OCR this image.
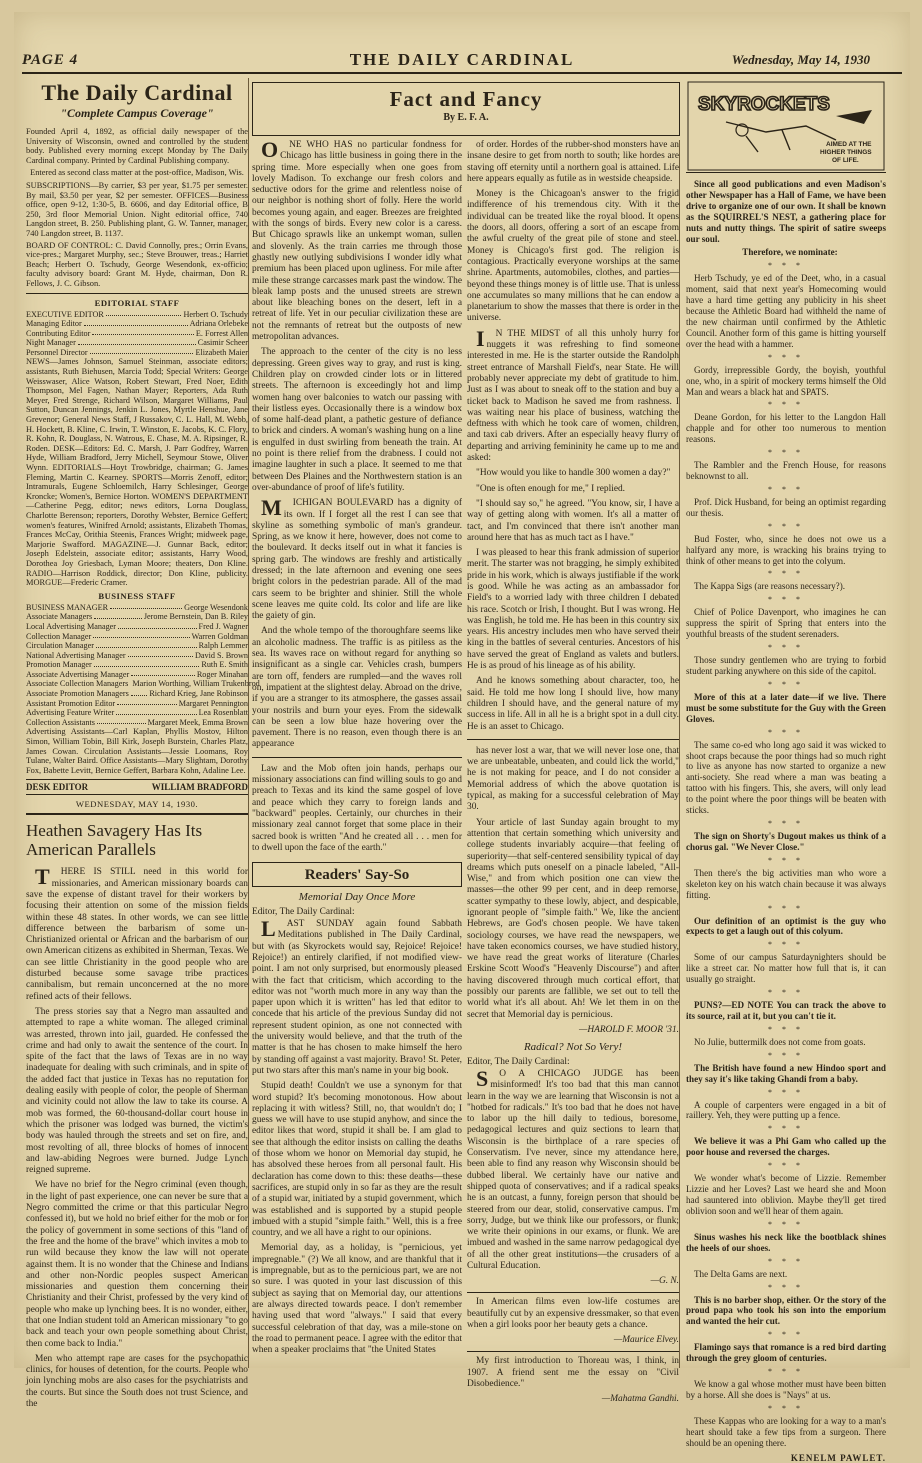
PAGE 4	THE DAILY CARDINAL	Wednesday, May 14, 1930
The Daily Cardinal
"Complete Campus Coverage"

Founded April 4, 1892, as official daily newspaper of the University of Wisconsin, owned and controlled by the student body. Published every morning except Monday by The Daily Cardinal company. Printed by Cardinal Publishing company.

Entered as second class matter at the post-office, Madison, Wis.

SUBSCRIPTIONS—By carrier, $3 per year, $1.75 per semester. By mail, $3.50 per year, $2 per semester. OFFICES—Business office, open 9-12, 1:30-5, B. 6606, and day Editorial office, B 250, 3rd floor Memorial Union. Night editorial office, 740 Langdon street, B. 250. Publishing plant, G. W. Tanner, manager, 740 Langdon street, B. 1137.

BOARD OF CONTROL: C. David Connolly, pres.; Orrin Evans, vice-pres.; Margaret Murphy, sec.; Steve Brouwer, treas.; Harriet Beach; Herbert O. Tschudy, George Wesendonk, ex-officio; faculty advisory board: Grant M. Hyde, chairman, Don R. Fellows, J. C. Gibson.

EDITORIAL STAFF
EXECUTIVE EDITOR	Herbert O. Tschudy
Managing Editor	Adriana Orlebeke
Contributing Editor	E. Forrest Allen
Night Manager	Casimir Scheer
Personnel Director	Elizabeth Maier

NEWS—James Johnson, Samuel Steinman, associate editors; assistants, Ruth Biehusen, Marcia Todd; Special Writers: George Weisswaser, Alice Watson, Robert Stewart, Fred Noer, Edith Thompson, Mel Fagen, Nathan Mayer; Reporters, Ada Ruth Meyer, Fred Strenge, Richard Wilson, Margaret Williams, Paul Sutton, Duncan Jennings, Jenkin L. Jones, Myrtle Henshue, Jane Grevenor; General News Staff, J Russakov, C. L. Hall, M. Webb, H. Hockett, B. Kline, C. Irwin, T. Winston, E. Jacobs, K. C. Flory, R. Kohn, R. Douglass, N. Watrous, E. Chase, M. A. Ripsinger, R. Roden. DESK—Editors: Ed. C. Marsh, J. Parr Godfrey, Warren Hyde, William Bradford, Jerry Michell, Seymour Stowe, Oliver Wynn. EDITORIALS—Hoyt Trowbridge, chairman; G. James Fleming, Martin C. Kearney. SPORTS—Morris Zenoff, editor; Intramurals, Eugene Schloemilch, Harry Schlesinger, George Kroncke; Women's, Bernice Horton. WOMEN'S DEPARTMENT—Catherine Pegg, editor; news editors, Lorna Douglass, Charlotte Berenson; reporters, Dorothy Webster, Bernice Geffert; women's features, Winifred Arnold; assistants, Elizabeth Thomas, Frances McCay, Orithia Steenis, Frances Wright; midweek page, Marjorie Swafford. MAGAZINE—J. Gunnar Back, editor; Joseph Edelstein, associate editor; assistants, Harry Wood, Dorothea Joy Griesbach, Lyman Moore; theaters, Don Kline. RADIO—Harrison Roddick, director; Don Kline, publicity. MORGUE—Frederic Cramer.

BUSINESS STAFF
BUSINESS MANAGER	George Wesendonk
Associate Managers	Jerome Bernstein, Dan B. Riley
Local Advertising Manager	Fred J. Wagner
Collection Manager	Warren Goldman
Circulation Manager	Ralph Lemmer
National Advertising Manager	David S. Brown
Promotion Manager	Ruth E. Smith
Associate Advertising Manager	Roger Minahan
Associate Collection Managers Marion Worthing, William Trukenbrod
Associate Promotion Managers	Richard Krieg, Jane Robinson
Assistant Promotion Editor	Margaret Pennington
Advertising Feature Writer	Lea Rosenblatt
Collection Assistants	Margaret Meek, Emma Brown

Advertising Assistants—Carl Kaplan, Phyllis Mostov, Hilton Simon, William Tobin, Bill Kirk, Joseph Burstein, Charles Platz, James Cowan. Circulation Assistants—Jessie Loomans, Roy Tulane, Walter Baird. Office Assistants—Mary Slightam, Dorothy Fox, Babette Levitt, Bernice Geffert, Barbara Kohn, Adaline Lee.

DESK EDITOR	WILLIAM BRADFORD
WEDNESDAY, MAY 14, 1930.
Heathen Savagery Has Its American Parallels

THERE IS STILL need in this world for missionaries, and American missionary boards can save the expense of distant travel for their workers by focusing their attention on some of the mission fields within these 48 states. In other words, we can see little difference between the barbarism of some un-Christianized oriental or African and the barbarism of our own American citizens as exhibited in Sherman, Texas. We can see little Christianity in the good people who are disturbed because some savage tribe practices cannibalism, but remain unconcerned at the no more refined acts of their fellows.

The press stories say that a Negro man assaulted and attempted to rape a white woman. The alleged criminal was arrested, thrown into jail, guarded. He confessed the crime and had only to await the sentence of the court. In spite of the fact that the laws of Texas are in no way inadequate for dealing with such criminals, and in spite of the added fact that justice in Texas has no reputation for dealing easily with people of color, the people of Sherman and vicinity could not allow the law to take its course. A mob was formed, the 60-thousand-dollar court house in which the prisoner was lodged was burned, the victim's body was hauled through the streets and set on fire, and, most revolting of all, three blocks of homes of innocent and law-abiding Negroes were burned. Judge Lynch reigned supreme.

We have no brief for the Negro criminal (even though, in the light of past experience, one can never be sure that a Negro committed the crime or that this particular Negro confessed it), but we hold no brief either for the mob or for the policy of government in some sections of this "land of the free and the home of the brave" which invites a mob to run wild because they know the law will not operate against them. It is no wonder that the Chinese and Indians and other non-Nordic peoples suspect American missionaries and question them concerning their Christianity and their Christ, professed by the very kind of people who make up lynching bees. It is no wonder, either, that one Indian student told an American missionary "to go back and teach your own people something about Christ, then come back to India."

Men who attempt rape are cases for the psychopathic clinics, for houses of detention, for the courts. People who join lynching mobs are also cases for the psychiatrists and the courts. But since the South does not trust Science, and the

Fact and Fancy
By E. F. A.

ONE WHO HAS no particular fondness for Chicago has little business in going there in the spring time. More especially when one goes from lovely Madison. To exchange our fresh colors and seductive odors for the grime and relentless noise of our neighbor is nothing short of folly. Here the world becomes young again, and eager. Breezes are freighted with the songs of birds. Every new color is a caress. But Chicago sprawls like an unkempt woman, sullen and slovenly. As the train carries me through those ghastly new outlying subdivisions I wonder idly what premium has been placed upon ugliness. For mile after mile these strange carcasses mark past the window. The bleak lamp posts and the unused streets are strewn about like bleaching bones on the desert, left in a retreat of life. Yet in our peculiar civilization these are not the remnants of retreat but the outposts of new metropolitan advances.

The approach to the center of the city is no less depressing. Green gives way to gray, and rust is king. Children play on crowded cinder lots or in littered streets. The afternoon is exceedingly hot and limp women hang over balconies to watch our passing with their listless eyes. Occasionally there is a window box of some half-dead plant, a pathetic gesture of defiance to brick and cinders. A woman's washing hung on a line is engulfed in dust swirling from beneath the train. At no point is there relief from the drabness. I could not imagine laughter in such a place. It seemed to me that between Des Plaines and the Northwestern station is an over-abundance of proof of life's futility.

MICHIGAN BOULEVARD has a dignity of its own. If I forget all the rest I can see that skyline as something symbolic of man's grandeur. Spring, as we know it here, however, does not come to the boulevard. It decks itself out in what it fancies is spring garb. The windows are freshly and artistically dressed; in the late afternoon and evening one sees bright colors in the pedestrian parade. All of the mad cars seem to be brighter and shinier. Still the whole scene leaves me quite cold. Its color and life are like the gaiety of gin.

And the whole tempo of the thoroughfare seems like an alcoholic madness. The traffic is as pitiless as the sea. Its waves race on without regard for anything so insignificant as a single car. Vehicles crash, bumpers are torn off, fenders are rumpled—and the waves roll on, impatient at the slightest delay. Abroad on the drive, if you are a stranger to its atmosphere, the gasses assail your nostrils and burn your eyes. From the sidewalk can be seen a low blue haze hovering over the pavement. There is no reason, even though there is an appearance

Law and the Mob often join hands, perhaps our missionary associations can find willing souls to go and preach to Texas and its kind the same gospel of love and peace which they carry to foreign lands and "backward" peoples. Certainly, our churches in their missionary zeal cannot forget that some place in their sacred book is written "And he created all . . . men for to dwell upon the face of the earth."

Readers' Say-So
Memorial Day Once More
Editor, The Daily Cardinal:

LAST SUNDAY again found Sabbath Meditations published in The Daily Cardinal, but with (as Skyrockets would say, Rejoice! Rejoice! Rejoice!) an entirely clarified, if not modified view-point. I am not only surprised, but enormously pleased with the fact that criticism, which according to the editor was not "worth much more in any way than the paper upon which it is written" has led that editor to concede that his article of the previous Sunday did not represent student opinion, as one not connected with the university would believe, and that the truth of the matter is that he has chosen to make himself the hero by standing off against a vast majority. Bravo! St. Peter, put two stars after this man's name in your big book.

Stupid death! Couldn't we use a synonym for that word stupid? It's becoming monotonous. How about replacing it with witless? Still, no, that wouldn't do; I guess we will have to use stupid anyhow, and since the editor likes that word, stupid it shall be. I am glad to see that although the editor insists on calling the deaths of those whom we honor on Memorial day stupid, he has absolved these heroes from all personal fault. His declaration has come down to this: these deaths—these sacrifices, are stupid only in so far as they are the result of a stupid war, initiated by a stupid government, which was established and is supported by a stupid people imbued with a stupid "simple faith." Well, this is a free country, and we all have a right to our opinions.

Memorial day, as a holiday, is "pernicious, yet impregnable." (?) We all know, and are thankful that it is impregnable, but as to the pernicious part, we are not so sure. I was quoted in your last discussion of this subject as saying that on Memorial day, our attentions are always directed towards peace. I don't remember having used that word "always." I said that every successful celebration of that day, was a mile-stone on the road to permanent peace. I agree with the editor that when a speaker proclaims that "the United States

of order. Hordes of the rubber-shod monsters have an insane desire to get from north to south; like hordes are staving off eternity until a northern goal is attained. Life here appears equally as futile as in westside cheapside.

Money is the Chicagoan's answer to the frigid indifference of his tremendous city. With it the individual can be treated like the royal blood. It opens the doors, all doors, offering a sort of an escape from the awful cruelty of the great pile of stone and steel. Money is Chicago's first god. The religion is contagious. Practically everyone worships at the same shrine. Apartments, automobiles, clothes, and parties—beyond these things money is of little use. That is unless one accumulates so many millions that he can endow a planetarium to show the masses that there is order in the universe.

IN THE MIDST of all this unholy hurry for nuggets it was refreshing to find someone interested in me. He is the starter outside the Randolph street entrance of Marshall Field's, near State. He will probably never appreciate my debt of gratitude to him. Just as I was about to sneak off to the station and buy a ticket back to Madison he saved me from rashness. I was waiting near his place of business, watching the deftness with which he took care of women, children, and taxi cab drivers. After an especially heavy flurry of departing and arriving femininity he came up to me and asked:

"How would you like to handle 300 women a day?"

"One is often enough for me," I replied.

"I should say so," he agreed. "You know, sir, I have a way of getting along with women. It's all a matter of tact, and I'm convinced that there isn't another man around here that has as much tact as I have."

I was pleased to hear this frank admission of superior merit. The starter was not bragging, he simply exhibited pride in his work, which is always justifiable if the work is good. While he was acting as an ambassador for Field's to a worried lady with three children I debated his race. Scotch or Irish, I thought. But I was wrong. He was English, he told me. He has been in this country six years. His ancestry includes men who have served their king in the battles of several centuries. Ancestors of his have served the great of England as valets and butlers. He is as proud of his lineage as of his ability.

And he knows something about character, too, he said. He told me how long I should live, how many children I should have, and the general nature of my success in life. All in all he is a bright spot in a dull city. He is an asset to Chicago.

has never lost a war, that we will never lose one, that we are unbeatable, unbeaten, and could lick the world," he is not making for peace, and I do not consider a Memorial address of which the above quotation is typical, as making for a successful celebration of May 30.

Your article of last Sunday again brought to my attention that certain something which university and college students invariably acquire—that feeling of superiority—that self-centered sensibility typical of day dreams which puts oneself on a pinacle labeled, "All-Wise," and from which position one can view the masses—the other 99 per cent, and in deep remorse, scatter sympathy to these lowly, abject, and despicable, ignorant people of "simple faith." We, like the ancient Hebrews, are God's chosen people. We have taken sociology courses, we have read the newspapers, we have taken economics courses, we have studied history, we have read the great works of literature (Charles Erskine Scott Wood's "Heavenly Discourse") and after having discovered through much cortical effort, that possibly our parents are fallible, we set out to tell the world what it's all about. Ah! We let them in on the secret that Memorial day is pernicious.

—HAROLD F. MOOR '31.
Radical? Not So Very!
Editor, The Daily Cardinal:

SO A CHICAGO JUDGE has been misinformed! It's too bad that this man cannot learn in the way we are learning that Wisconsin is not a "hotbed for radicals." It's too bad that he does not have to labor up the hill daily to tedious, boresome, pedagogical lectures and quiz sections to learn that Wisconsin is the birthplace of a rare species of Conservatism. I've never, since my attendance here, been able to find any reason why Wisconsin should be dubbed liberal. We certainly have our native and shipped quota of conservatives; and if a radical speaks he is an outcast, a funny, foreign person that should be steered from our dear, stolid, conservative campus. I'm sorry, Judge, but we think like our professors, or flunk; we write their opinions in our exams, or flunk. We are imbued and washed in the same narrow pedagogical dye of all the other great institutions—the crusaders of a Cultural Education.

—G. N.

In American films even low-life costumes are beautifully cut by an expensive dressmaker, so that even when a girl looks poor her beauty gets a chance.

—Maurice Elvey.

My first introduction to Thoreau was, I think, in 1907. A friend sent me the essay on "Civil Disobedience."

—Mahatma Gandhi.
SKYROCKETS
AIMED AT THE HIGHER THINGS OF LIFE.

Since all good publications and even Madison's other Newspaper has a Hall of Fame, we have been drive to organize one of our own. It shall be known as the SQUIRREL'S NEST, a gathering place for nuts and nutty things. The spirit of satire sweeps our soul.

Therefore, we nominate:

* * *

Herb Tschudy, ye ed of the Deet, who, in a casual moment, said that next year's Homecoming would have a hard time getting any publicity in his sheet because the Athletic Board had withheld the name of the new chairman until confirmed by the Athletic Council. Another form of this game is hitting yourself over the head with a hammer.

* * *

Gordy, irrepressible Gordy, the boyish, youthful one, who, in a spirit of mockery terms himself the Old Man and wears a black hat and SPATS.

* * *

Deane Gordon, for his letter to the Langdon Hall chapple and for other too numerous to mention reasons.

* * *

The Rambler and the French House, for reasons beknownst to all.

* * *

Prof. Dick Husband, for being an optimist regarding our thesis.

* * *

Bud Foster, who, since he does not owe us a halfyard any more, is wracking his brains trying to think of other means to get into the colyum.

* * *

The Kappa Sigs (are reasons necessary?).

* * *

Chief of Police Davenport, who imagines he can suppress the spirit of Spring that enters into the youthful breasts of the student serenaders.

* * *

Those sundry gentlemen who are trying to forbid student parking anywhere on this side of the capitol.

* * *

More of this at a later date—if we live. There must be some substitute for the Guy with the Green Gloves.

* * *

The same co-ed who long ago said it was wicked to shoot craps because the poor things had so much right to live as anyone has now started to organize a new anti-society. She read where a man was beating a tattoo with his fingers. This, she avers, will only lead to the point where the poor things will be beaten with sticks.

* * *

The sign on Shorty's Dugout makes us think of a chorus gal. "We Never Close."

* * *

Then there's the big activities man who wore a skeleton key on his watch chain because it was always fitting.

* * *

Our definition of an optimist is the guy who expects to get a laugh out of this colyum.

* * *

Some of our campus Saturdaynighters should be like a street car. No matter how full that is, it can usually go straight.

* * *

PUNS?—ED NOTE You can track the above to its source, rail at it, but you can't tie it.

* * *

No Julie, buttermilk does not come from goats.

* * *

The British have found a new Hindoo sport and they say it's like taking Ghandi from a baby.

* * *

A couple of carpenters were engaged in a bit of raillery. Yeh, they were putting up a fence.

* * *

We believe it was a Phi Gam who called up the poor house and reversed the charges.

* * *

We wonder what's become of Lizzie. Remember Lizzie and her Loves? Last we heard she and Moon had sauntered into oblivion. Maybe they'll get tired oblivion soon and we'll hear of them again.

* * *

Sinus washes his neck like the bootblack shines the heels of our shoes.

* * *

The Delta Gams are next.

* * *

This is no barber shop, either. Or the story of the proud papa who took his son into the emporium and wanted the heir cut.

* * *

Flamingo says that romance is a red bird darting through the grey gloom of centuries.

* * *

We know a gal whose mother must have been bitten by a horse. All she does is "Nays" at us.

* * *

These Kappas who are looking for a way to a man's heart should take a few tips from a surgeon. There should be an opening there.

KENELM PAWLET.
